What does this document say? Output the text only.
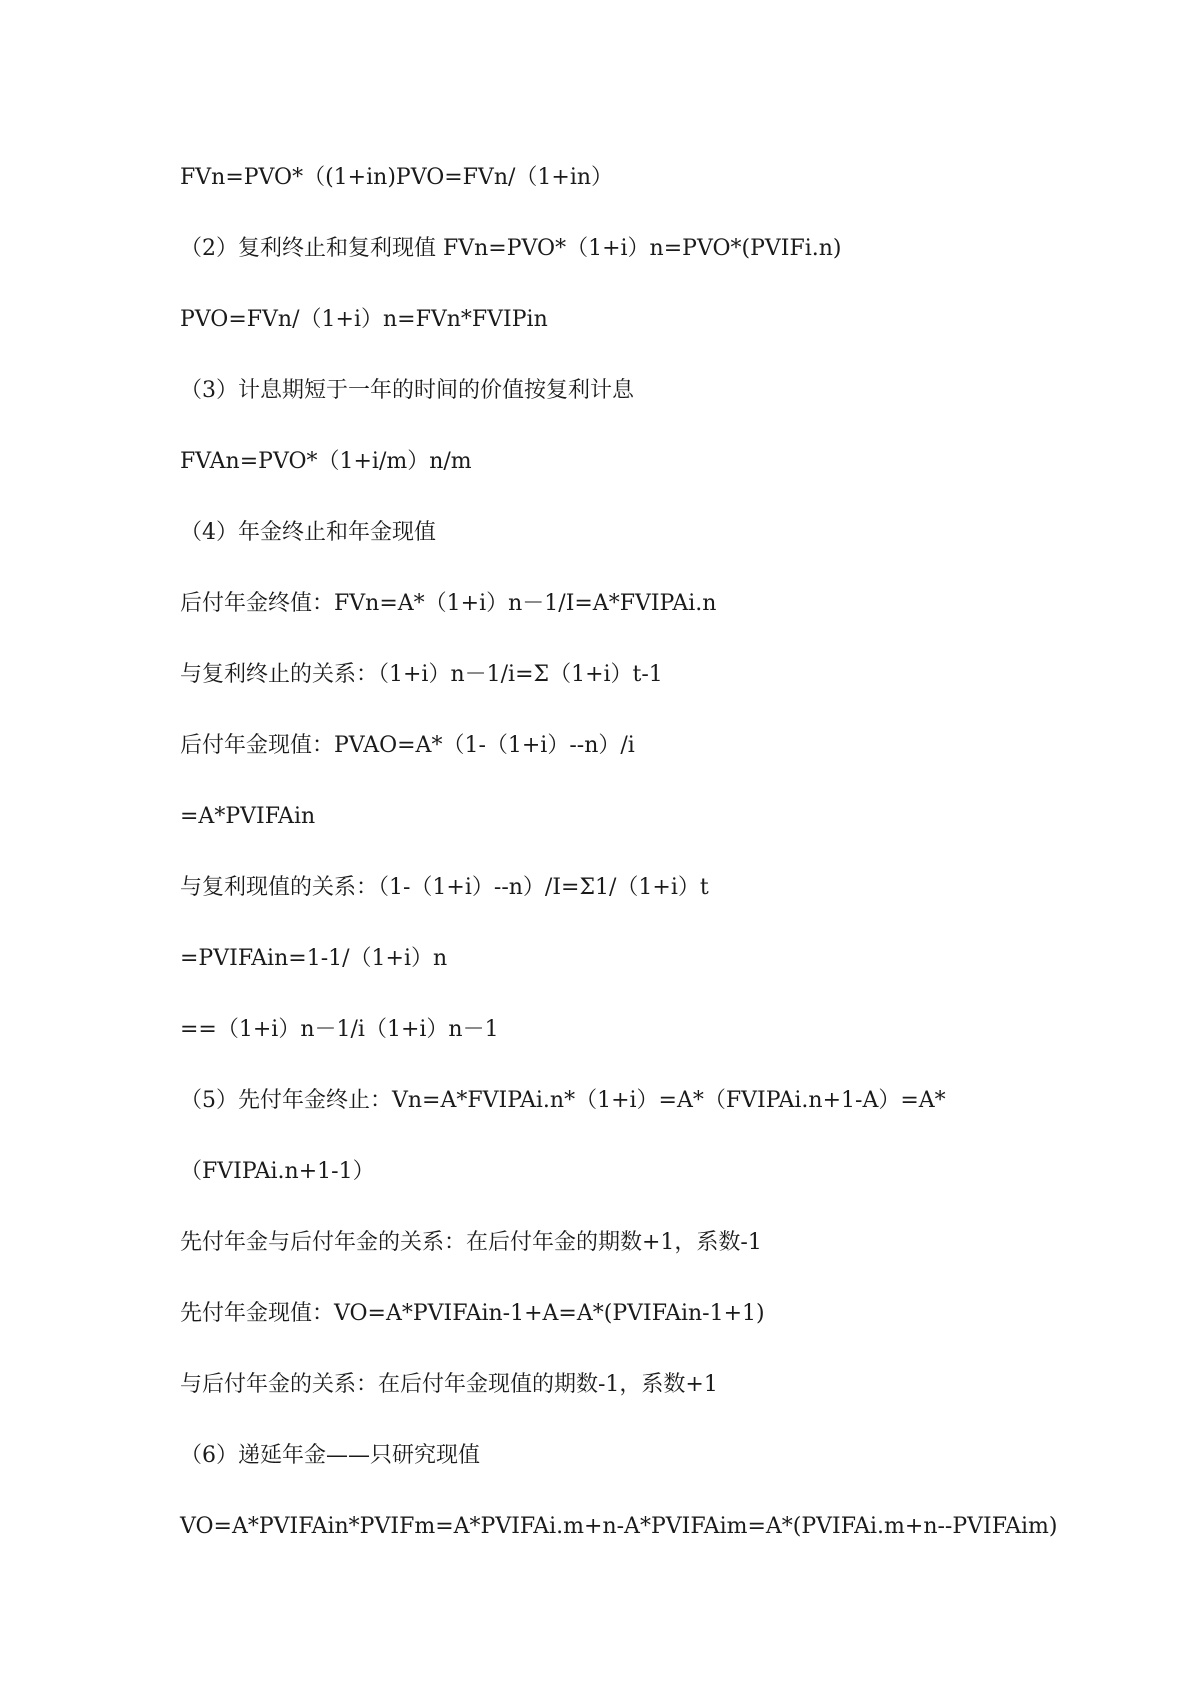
FVn=PVO*（(1+in)PVO=FVn/（1+in）
（2）复利终止和复利现值 FVn=PVO*（1+i）n=PVO*(PVIFi.n)
PVO=FVn/（1+i）n=FVn*FVIPin
（3）计息期短于一年的时间的价值按复利计息
FVAn=PVO*（1+i/m）n/m
（4）年金终止和年金现值
后付年金终值：FVn=A*（1+i）n－1/I=A*FVIPAi.n
与复利终止的关系：（1+i）n－1/i=Σ（1+i）t-1
后付年金现值：PVAO=A*（1-（1+i）--n）/i
=A*PVIFAin
与复利现值的关系：（1-（1+i）--n）/I=Σ1/（1+i）t
=PVIFAin=1-1/（1+i）n
==（1+i）n－1/i（1+i）n－1
（5）先付年金终止：Vn=A*FVIPAi.n*（1+i）=A*（FVIPAi.n+1-A）=A*
（FVIPAi.n+1-1）
先付年金与后付年金的关系：在后付年金的期数+1，系数-1
先付年金现值：VO=A*PVIFAin-1+A=A*(PVIFAin-1+1)
与后付年金的关系：在后付年金现值的期数-1，系数+1
（6）递延年金——只研究现值
VO=A*PVIFAin*PVIFm=A*PVIFAi.m+n-A*PVIFAim=A*(PVIFAi.m+n--PVIFAim)
